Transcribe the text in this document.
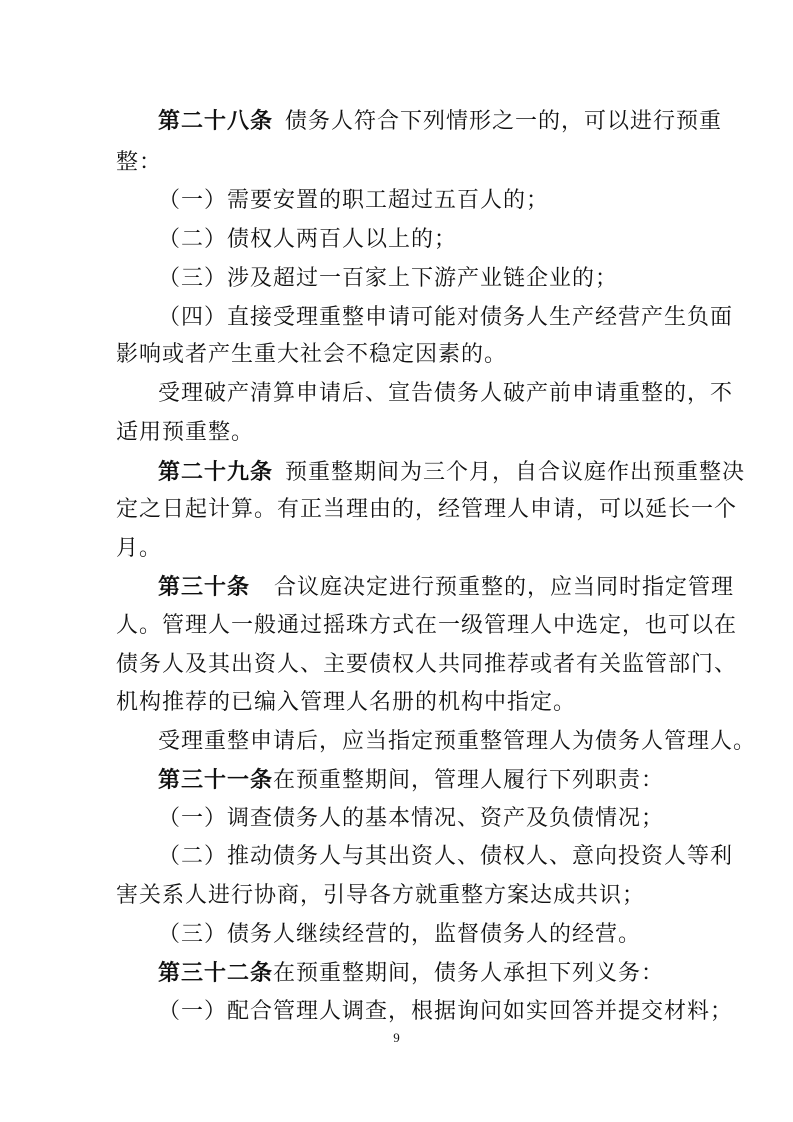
第二十八条 债务人符合下列情形之一的，可以进行预重
整：
（一）需要安置的职工超过五百人的；
（二）债权人两百人以上的；
（三）涉及超过一百家上下游产业链企业的；
（四）直接受理重整申请可能对债务人生产经营产生负面
影响或者产生重大社会不稳定因素的。
受理破产清算申请后、宣告债务人破产前申请重整的，不
适用预重整。
第二十九条 预重整期间为三个月，自合议庭作出预重整决
定之日起计算。有正当理由的，经管理人申请，可以延长一个
月。
第三十条 合议庭决定进行预重整的，应当同时指定管理
人。管理人一般通过摇珠方式在一级管理人中选定，也可以在
债务人及其出资人、主要债权人共同推荐或者有关监管部门、
机构推荐的已编入管理人名册的机构中指定。
受理重整申请后，应当指定预重整管理人为债务人管理人。
第三十一条在预重整期间，管理人履行下列职责：
（一）调查债务人的基本情况、资产及负债情况；
（二）推动债务人与其出资人、债权人、意向投资人等利
害关系人进行协商，引导各方就重整方案达成共识；
（三）债务人继续经营的，监督债务人的经营。
第三十二条在预重整期间，债务人承担下列义务：
（一）配合管理人调查，根据询问如实回答并提交材料；
9
